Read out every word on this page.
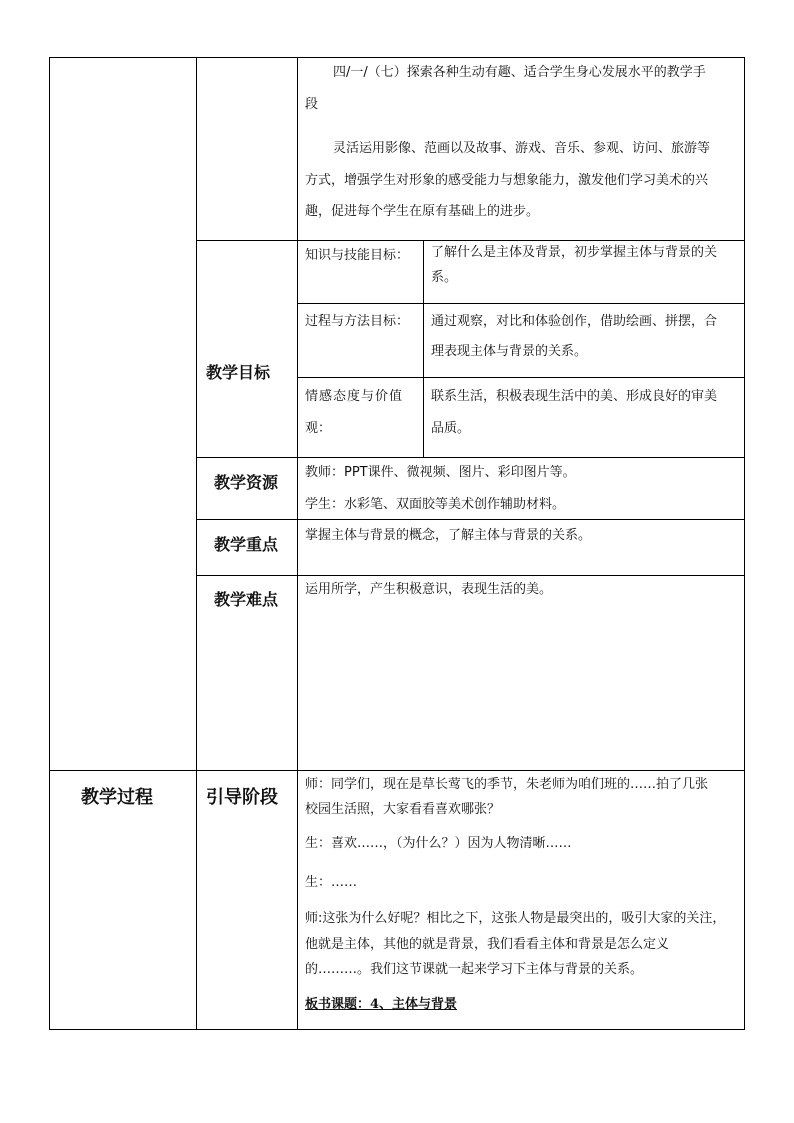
四/一/（七）探索各种生动有趣、适合学生身心发展水平的教学手
段
灵活运用影像、范画以及故事、游戏、音乐、参观、访问、旅游等
方式，增强学生对形象的感受能力与想象能力，激发他们学习美术的兴
趣，促进每个学生在原有基础上的进步。
教学目标
知识与技能目标： 了解什么是主体及背景，初步掌握主体与背景的关
系。
过程与方法目标： 通过观察，对比和体验创作，借助绘画、拼摆，合
理表现主体与背景的关系。
情感态度与价值
观：
联系生活，积极表现生活中的美、形成良好的审美
品质。
教学资源
教师：PPT课件、微视频、图片、彩印图片等。
学生：水彩笔、双面胶等美术创作辅助材料。
教学重点 掌握主体与背景的概念，了解主体与背景的关系。
教学难点
运用所学，产生积极意识，表现生活的美。
教学过程	引导阶段
师：同学们，现在是草长莺飞的季节，朱老师为咱们班的……拍了几张
校园生活照，大家看看喜欢哪张？
生：喜欢……，（为什么？）因为人物清晰……
生：……
师:这张为什么好呢？相比之下，这张人物是最突出的，吸引大家的关注，
他就是主体，其他的就是背景，我们看看主体和背景是怎么定义
的………。我们这节课就一起来学习下主体与背景的关系。
板书课题：4、主体与背景
